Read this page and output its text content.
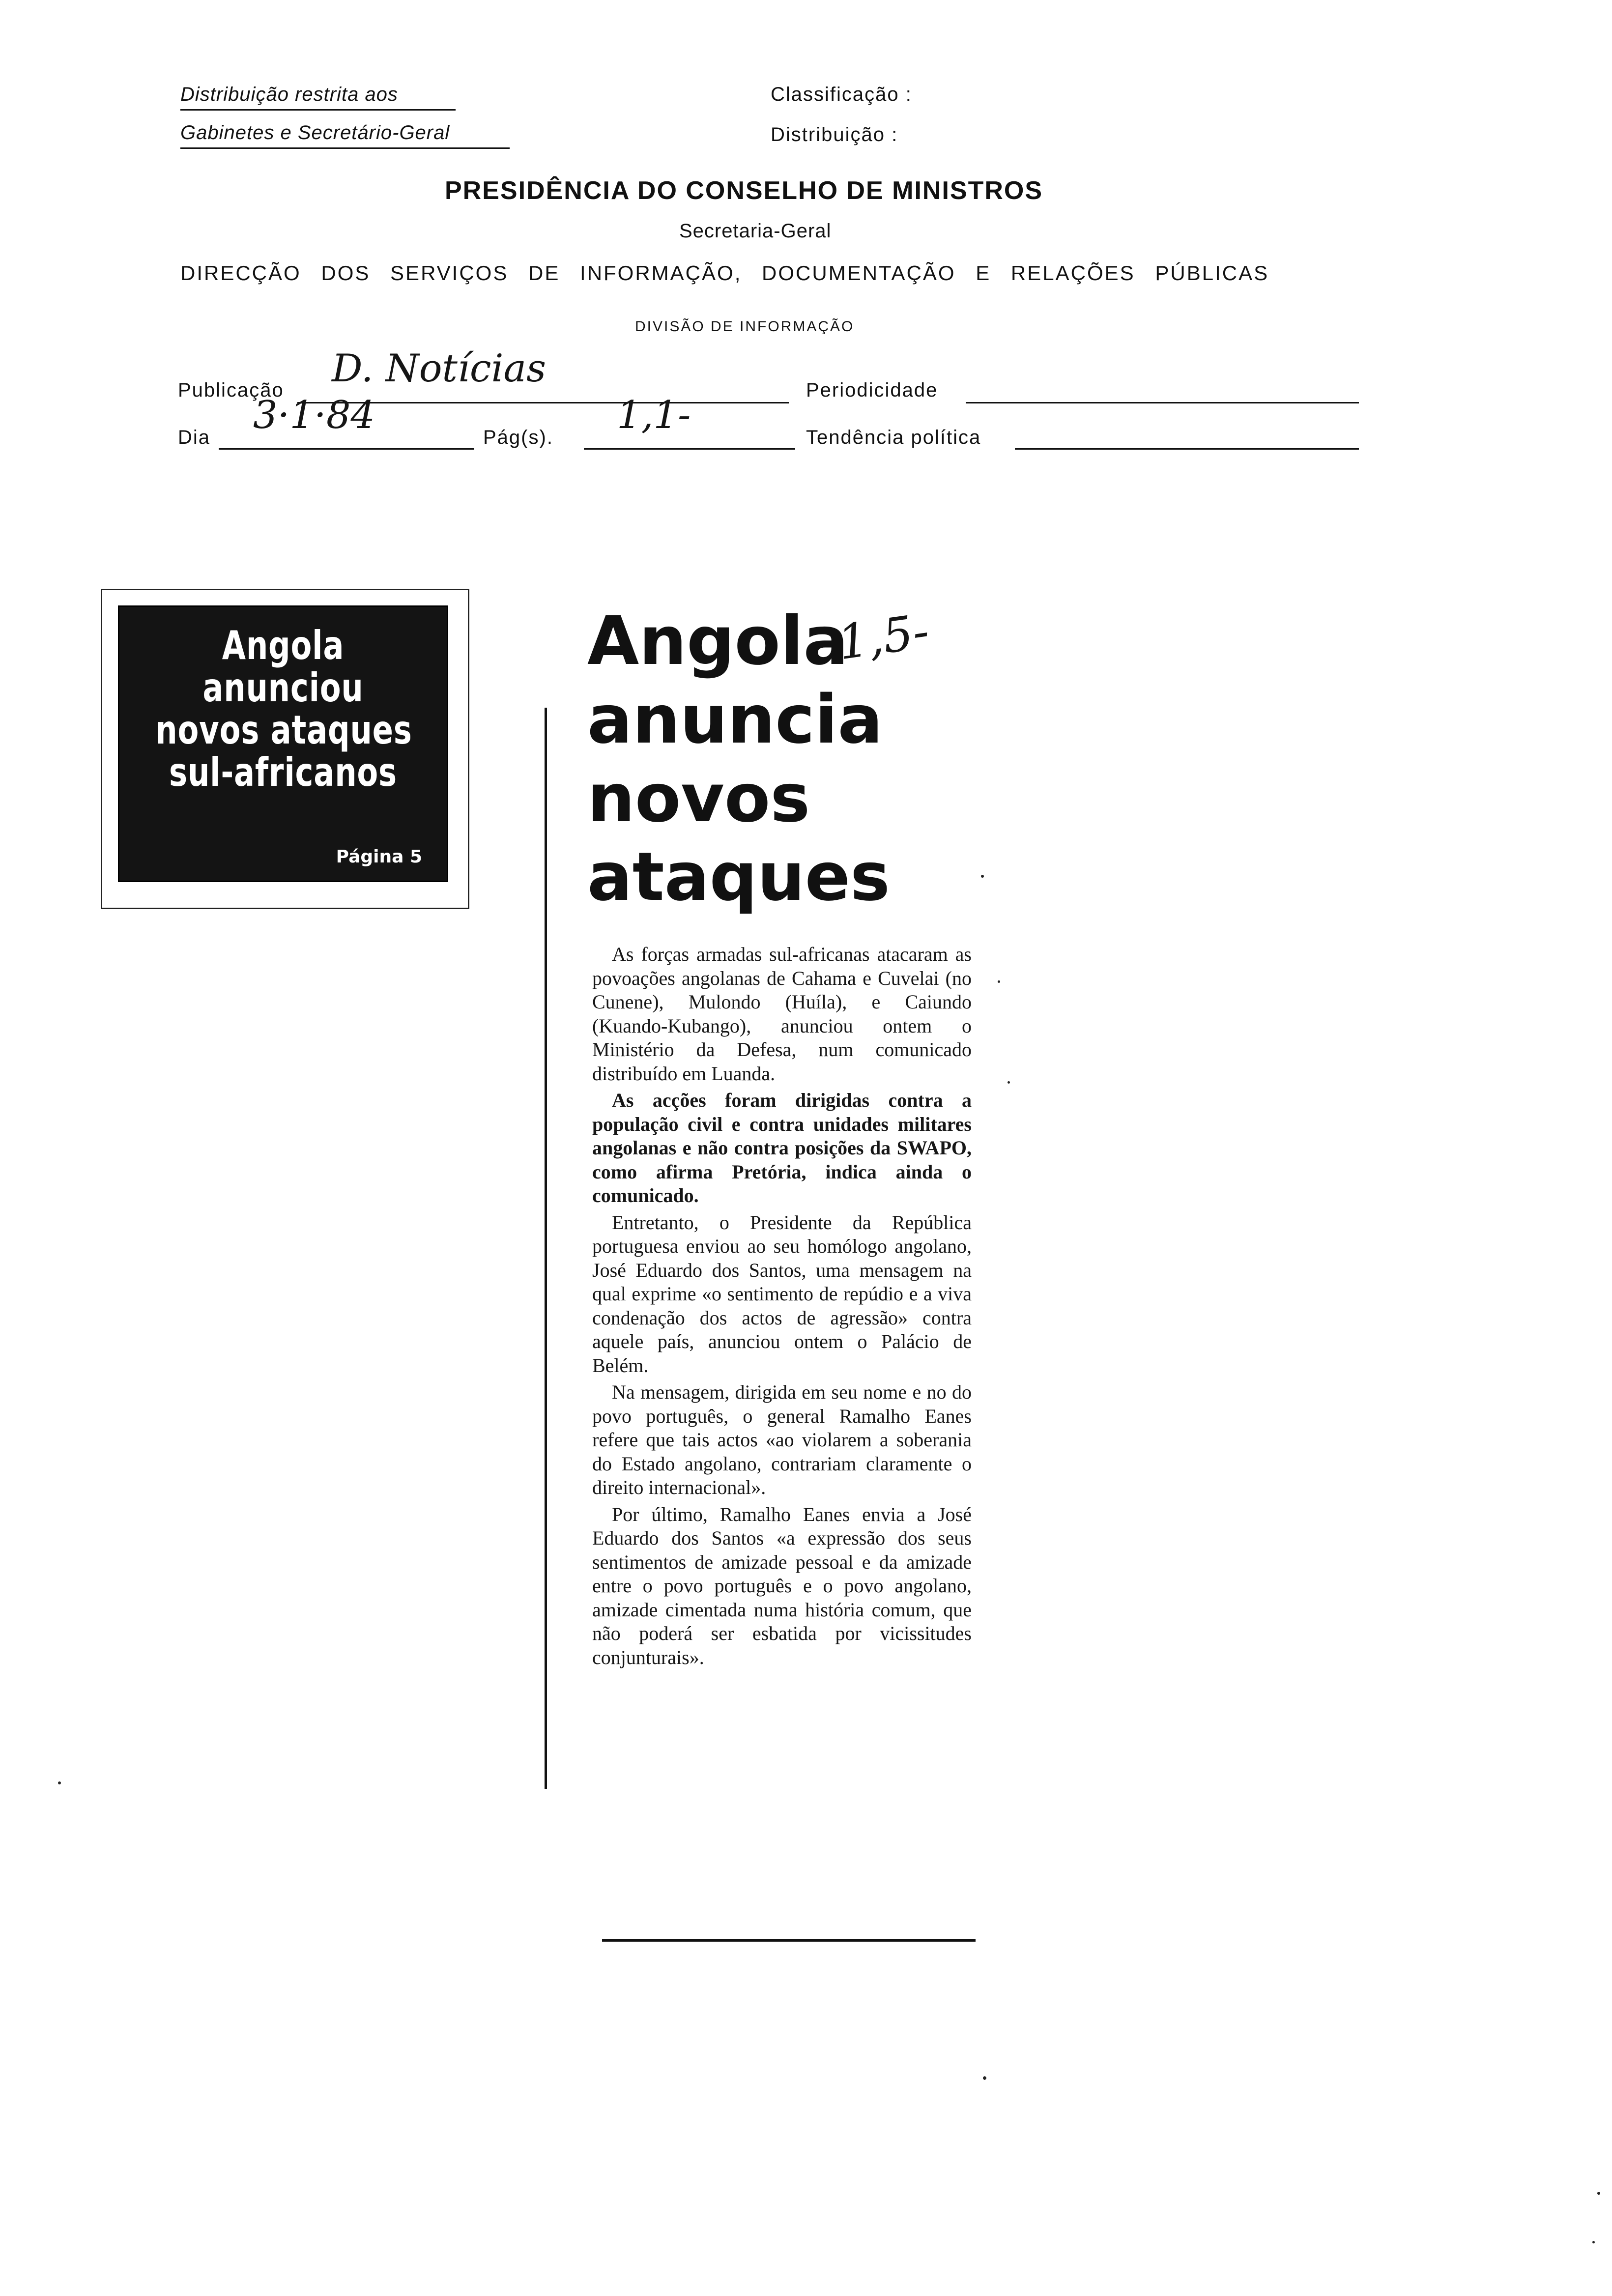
Distribuição restrita aos
Gabinetes e Secretário-Geral
Classificação :
Distribuição :
PRESIDÊNCIA DO CONSELHO DE MINISTROS
Secretaria-Geral
DIRECÇÃO DOS SERVIÇOS DE INFORMAÇÃO, DOCUMENTAÇÃO E RELAÇÕES PÚBLICAS
DIVISÃO DE INFORMAÇÃO
Publicação D. Notícias	Periodicidade
Dia 3·1·84	Pág(s). 1,1-	Tendência política
Angola
anunciou
novos ataques
sul-africanos
Página 5
Angola
anuncia
novos
ataques
1,5-

As forças armadas sul-africanas atacaram as povoações angolanas de Cahama e Cuvelai (no Cunene), Mulondo (Huíla), e Caiundo (Kuando-Kubango), anunciou ontem o Ministério da Defesa, num comunicado distribuído em Luanda.

As acções foram dirigidas contra a população civil e contra unidades militares angolanas e não contra posições da SWAPO, como afirma Pretória, indica ainda o comunicado.

Entretanto, o Presidente da República portuguesa enviou ao seu homólogo angolano, José Eduardo dos Santos, uma mensagem na qual exprime «o sentimento de repúdio e a viva condenação dos actos de agressão» contra aquele país, anunciou ontem o Palácio de Belém.

Na mensagem, dirigida em seu nome e no do povo português, o general Ramalho Eanes refere que tais actos «ao violarem a soberania do Estado angolano, contrariam claramente o direito internacional».

Por último, Ramalho Eanes envia a José Eduardo dos Santos «a expressão dos seus sentimentos de amizade pessoal e da amizade entre o povo português e o povo angolano, amizade cimentada numa história comum, que não poderá ser esbatida por vicissitudes conjunturais».
